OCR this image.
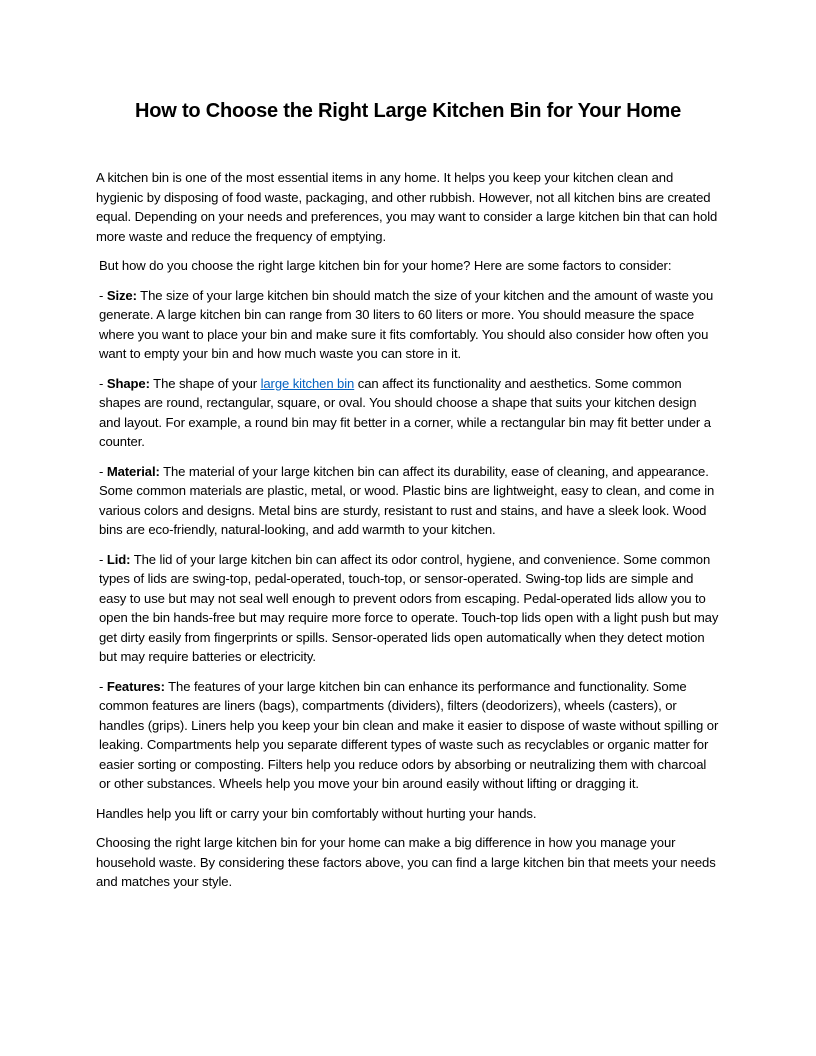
How to Choose the Right Large Kitchen Bin for Your Home

A kitchen bin is one of the most essential items in any home. It helps you keep your kitchen clean and hygienic by disposing of food waste, packaging, and other rubbish. However, not all kitchen bins are created equal. Depending on your needs and preferences, you may want to consider a large kitchen bin that can hold more waste and reduce the frequency of emptying.

But how do you choose the right large kitchen bin for your home? Here are some factors to consider:

- Size: The size of your large kitchen bin should match the size of your kitchen and the amount of waste you generate. A large kitchen bin can range from 30 liters to 60 liters or more. You should measure the space where you want to place your bin and make sure it fits comfortably. You should also consider how often you want to empty your bin and how much waste you can store in it.

- Shape: The shape of your large kitchen bin can affect its functionality and aesthetics. Some common shapes are round, rectangular, square, or oval. You should choose a shape that suits your kitchen design and layout. For example, a round bin may fit better in a corner, while a rectangular bin may fit better under a counter.

- Material: The material of your large kitchen bin can affect its durability, ease of cleaning, and appearance. Some common materials are plastic, metal, or wood. Plastic bins are lightweight, easy to clean, and come in various colors and designs. Metal bins are sturdy, resistant to rust and stains, and have a sleek look. Wood bins are eco-friendly, natural-looking, and add warmth to your kitchen.

- Lid: The lid of your large kitchen bin can affect its odor control, hygiene, and convenience. Some common types of lids are swing-top, pedal-operated, touch-top, or sensor-operated. Swing-top lids are simple and easy to use but may not seal well enough to prevent odors from escaping. Pedal-operated lids allow you to open the bin hands-free but may require more force to operate. Touch-top lids open with a light push but may get dirty easily from fingerprints or spills. Sensor-operated lids open automatically when they detect motion but may require batteries or electricity.

- Features: The features of your large kitchen bin can enhance its performance and functionality. Some common features are liners (bags), compartments (dividers), filters (deodorizers), wheels (casters), or handles (grips). Liners help you keep your bin clean and make it easier to dispose of waste without spilling or leaking. Compartments help you separate different types of waste such as recyclables or organic matter for easier sorting or composting. Filters help you reduce odors by absorbing or neutralizing them with charcoal or other substances. Wheels help you move your bin around easily without lifting or dragging it.

Handles help you lift or carry your bin comfortably without hurting your hands.

Choosing the right large kitchen bin for your home can make a big difference in how you manage your household waste. By considering these factors above, you can find a large kitchen bin that meets your needs and matches your style.
